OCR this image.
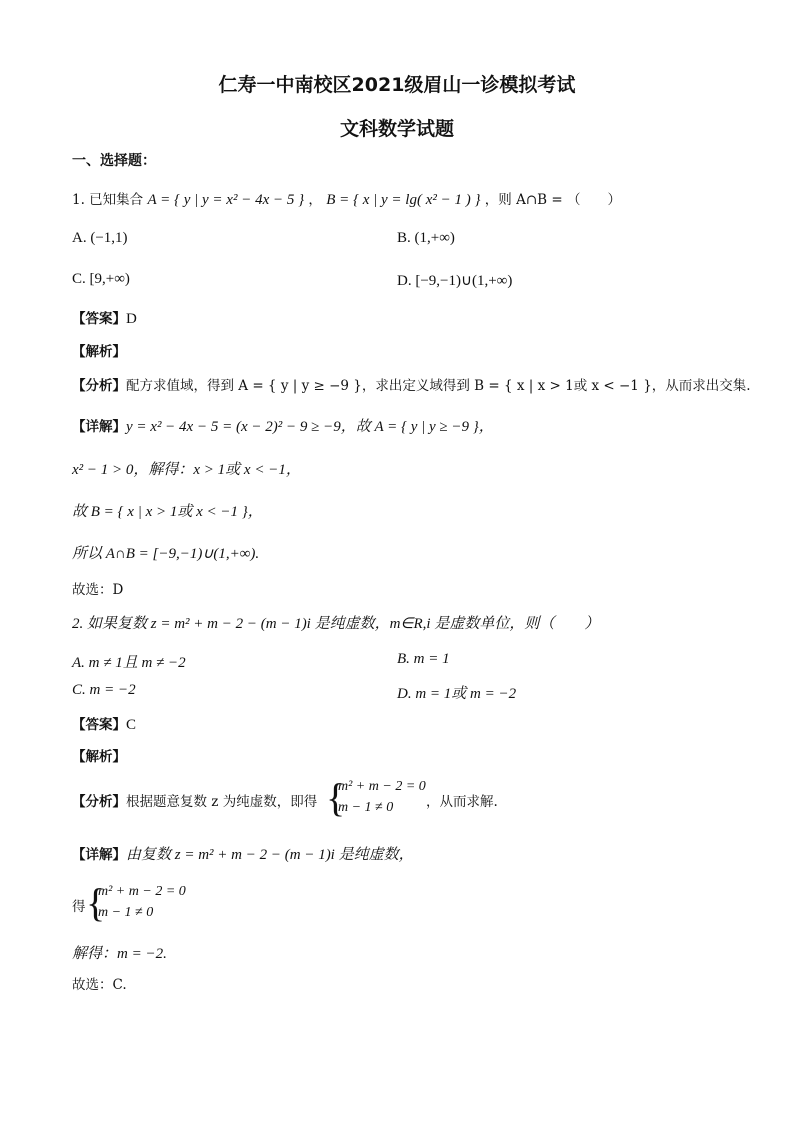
仁寿一中南校区2021级眉山一诊模拟考试
文科数学试题
一、选择题：
1. 已知集合 A = { y | y = x² − 4x − 5 } ， B = { x | y = lg( x² − 1 ) } ，则 A∩B = （　　）
A. (−1,1)	B. (1,+∞)
C. [9,+∞)	D. [−9,−1)∪(1,+∞)
【答案】D
【解析】
【分析】配方求值域，得到 A = { y | y ≥ −9 }，求出定义域得到 B = { x | x > 1或 x < −1 }，从而求出交集.
【详解】y = x² − 4x − 5 = (x − 2)² − 9 ≥ −9，故 A = { y | y ≥ −9 }，
x² − 1 > 0，解得：x > 1或 x < −1，
故 B = { x | x > 1或 x < −1 }，
所以 A∩B = [−9,−1)∪(1,+∞).
故选：D
2. 如果复数 z = m² + m − 2 − (m − 1)i 是纯虚数，m∈R,i 是虚数单位，则（　　）
A. m ≠ 1且 m ≠ −2	B. m = 1
C. m = −2	D. m = 1或 m = −2
【答案】C
【解析】
【分析】根据题意复数 z 为纯虚数，即得 {
m² + m − 2 = 0
m − 1 ≠ 0 ，从而求解.
【详解】由复数 z = m² + m − 2 − (m − 1)i 是纯虚数，
得 {
m² + m − 2 = 0
m − 1 ≠ 0
解得：m = −2.
故选：C.
